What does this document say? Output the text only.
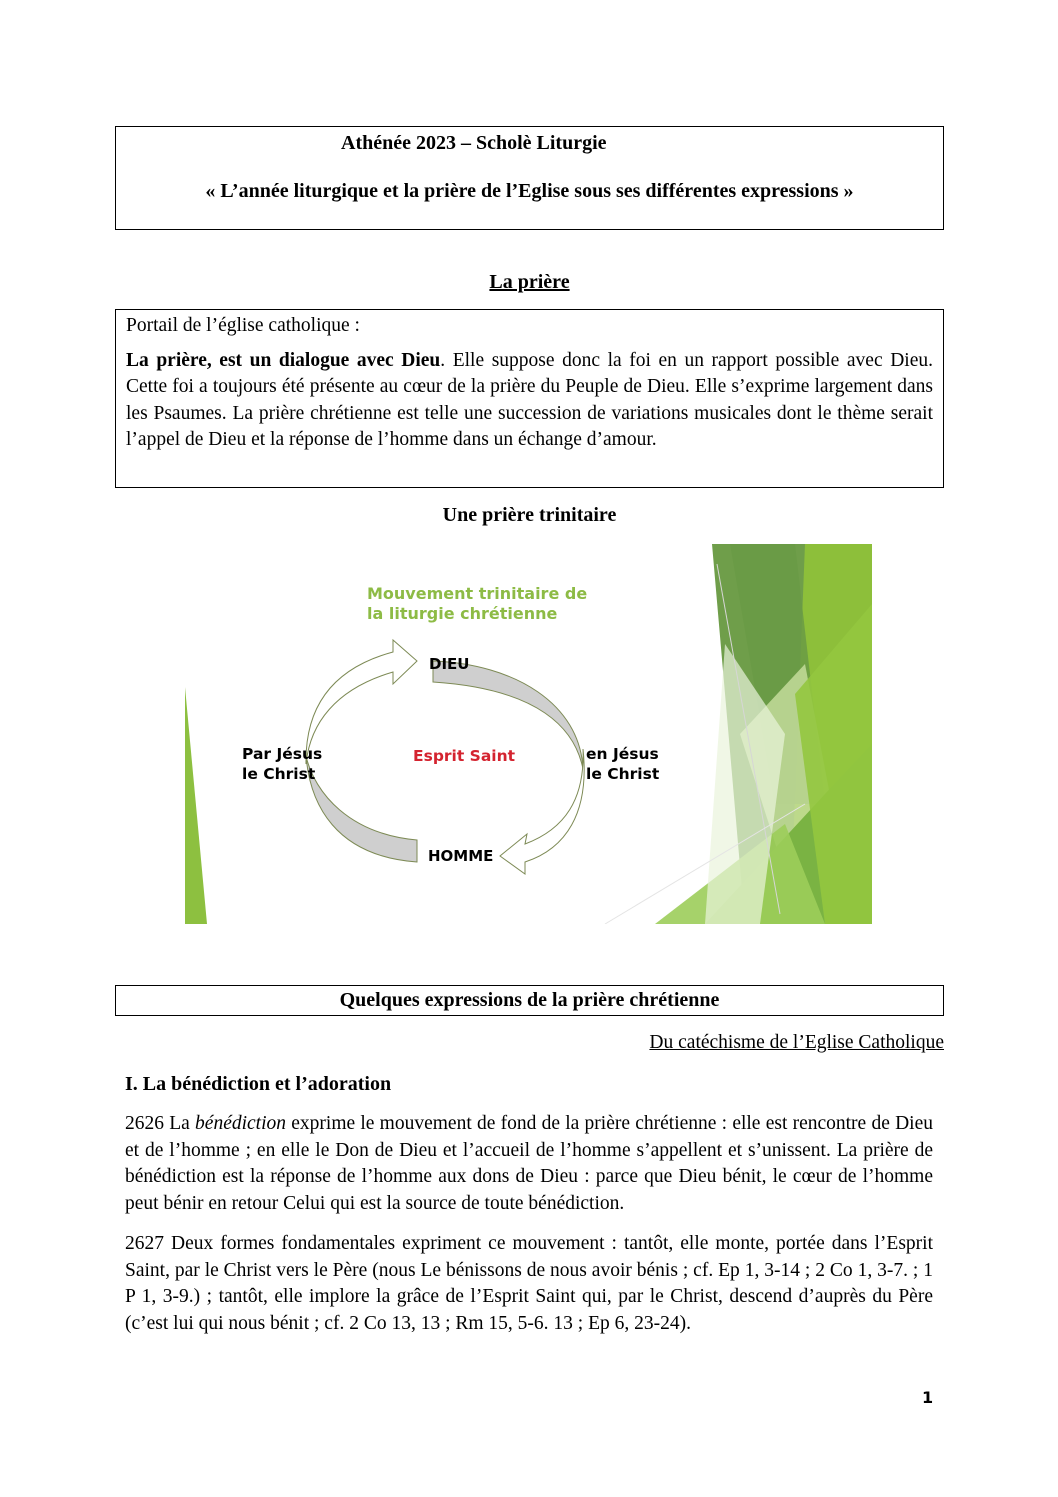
Athénée 2023 – Scholè Liturgie
« L’année liturgique et la prière de l’Eglise sous ses différentes expressions »
La prière
Portail de l’église catholique :
La prière, est un dialogue avec Dieu. Elle suppose donc la foi en un rapport possible avec Dieu. Cette foi a toujours été présente au cœur de la prière du Peuple de Dieu. Elle s’exprime largement dans les Psaumes. La prière chrétienne est telle une succession de variations musicales dont le thème serait l’appel de Dieu et la réponse de l’homme dans un échange d’amour.
Une prière trinitaire
Mouvement trinitaire de
la liturgie chrétienne
DIEU
HOMME
Esprit Saint
Par Jésus
le Christ
en Jésus
le Christ
Quelques expressions de la prière chrétienne
Du catéchisme de l’Eglise Catholique
I. La bénédiction et l’adoration
2626 La bénédiction exprime le mouvement de fond de la prière chrétienne : elle est rencontre de Dieu et de l’homme ; en elle le Don de Dieu et l’accueil de l’homme s’appellent et s’unissent. La prière de bénédiction est la réponse de l’homme aux dons de Dieu : parce que Dieu bénit, le cœur de l’homme peut bénir en retour Celui qui est la source de toute bénédiction.
2627 Deux formes fondamentales expriment ce mouvement : tantôt, elle monte, portée dans l’Esprit Saint, par le Christ vers le Père (nous Le bénissons de nous avoir bénis ; cf. Ep 1, 3-14 ; 2 Co 1, 3-7. ; 1 P 1, 3-9.) ; tantôt, elle implore la grâce de l’Esprit Saint qui, par le Christ, descend d’auprès du Père (c’est lui qui nous bénit ; cf. 2 Co 13, 13 ; Rm 15, 5-6. 13 ; Ep 6, 23-24).
1
